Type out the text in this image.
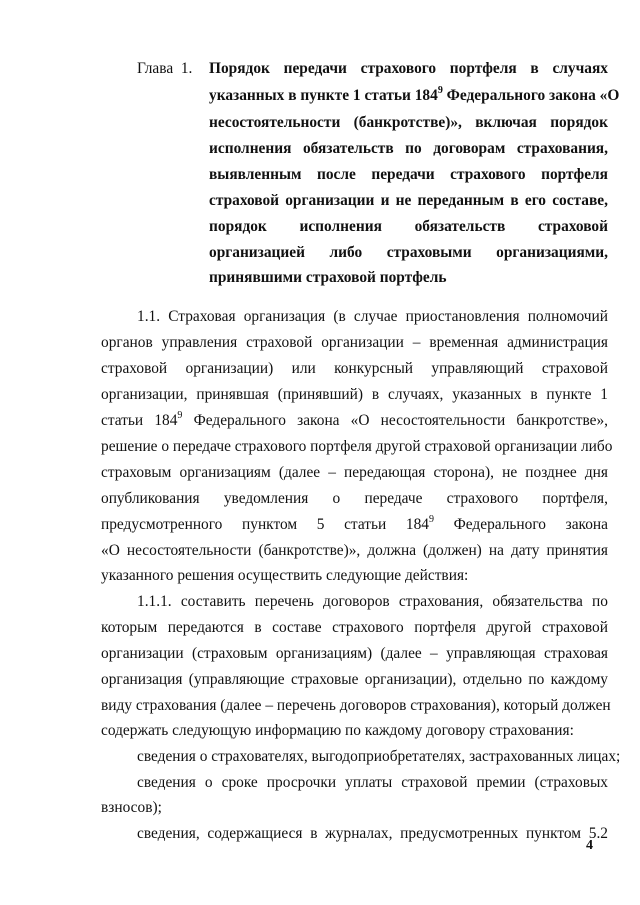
Глава 1. Порядок передачи страхового портфеля в случаях
указанных в пункте 1 статьи $184^9$ Федерального закона «О
несостоятельности (банкротстве)», включая порядок
исполнения обязательств по договорам страхования,
выявленным после передачи страхового портфеля
страховой организации и не переданным в его составе,
порядок исполнения обязательств страховой
организацией либо страховыми организациями,
принявшими страховой портфель
1.1. Страховая организация (в случае приостановления полномочий
органов управления страховой организации – временная администрация
страховой организации) или конкурсный управляющий страховой
организации, принявшая (принявший) в случаях, указанных в пункте 1
статьи $184^9$ Федерального закона «О несостоятельности банкротстве»,
решение о передаче страхового портфеля другой страховой организации либо
страховым организациям (далее – передающая сторона), не позднее дня
опубликования уведомления о передаче страхового портфеля,
предусмотренного пунктом 5 статьи $184^9$ Федерального закона
«О несостоятельности (банкротстве)», должна (должен) на дату принятия
указанного решения осуществить следующие действия:
1.1.1. составить перечень договоров страхования, обязательства по
которым передаются в составе страхового портфеля другой страховой
организации (страховым организациям) (далее – управляющая страховая
организация (управляющие страховые организации), отдельно по каждому
виду страхования (далее – перечень договоров страхования), который должен
содержать следующую информацию по каждому договору страхования:
сведения о страхователях, выгодоприобретателях, застрахованных лицах;
сведения о сроке просрочки уплаты страховой премии (страховых
взносов);
сведения, содержащиеся в журналах, предусмотренных пунктом 5.2
4
